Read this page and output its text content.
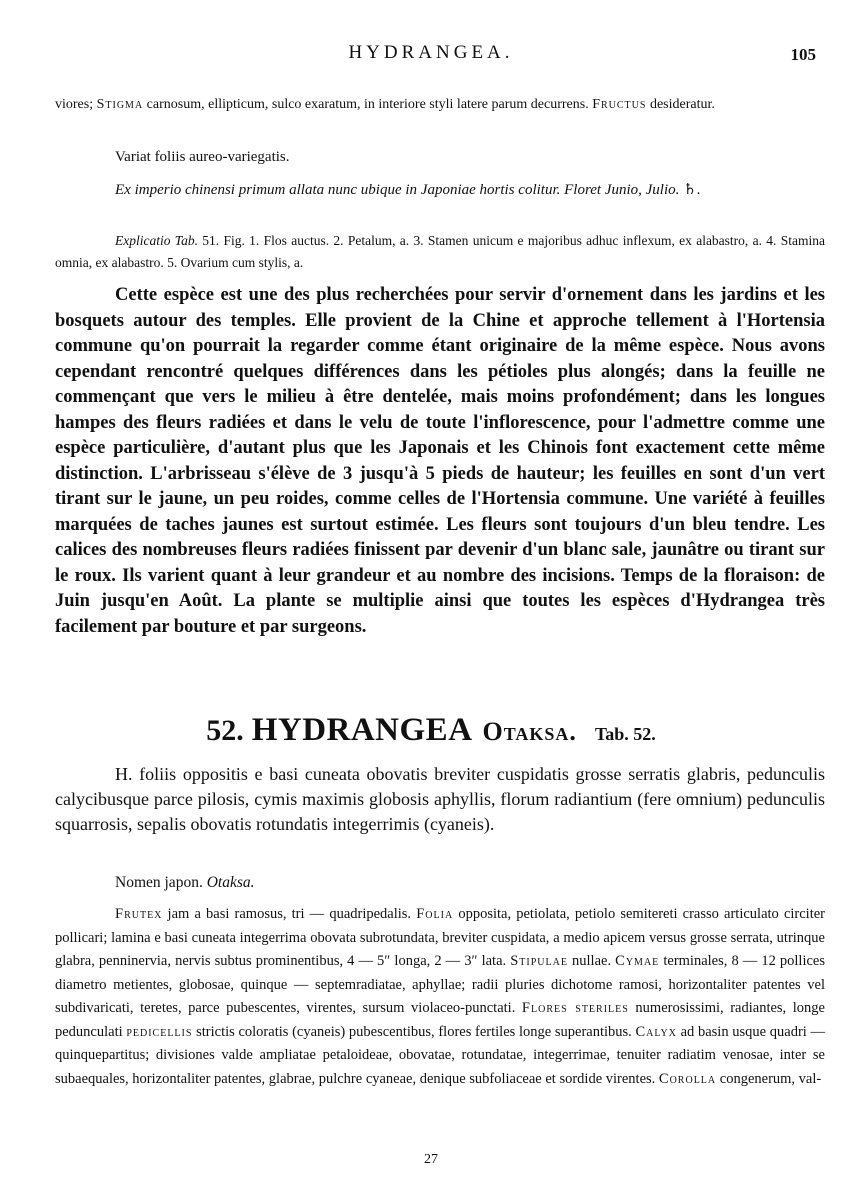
HYDRANGEA.	105

viores; Stigma carnosum, ellipticum, sulco exaratum, in interiore styli latere parum decurrens. Fructus desideratur.

Variat foliis aureo-variegatis.

Ex imperio chinensi primum allata nunc ubique in Japoniae hortis colitur. Floret Junio, Julio. ♄.

Explicatio Tab. 51. Fig. 1. Flos auctus. 2. Petalum, a. 3. Stamen unicum e majoribus adhuc inflexum, ex alabastro, a. 4. Stamina omnia, ex alabastro. 5. Ovarium cum stylis, a.

Cette espèce est une des plus recherchées pour servir d'ornement dans les jardins et les bosquets autour des temples. Elle provient de la Chine et approche tellement à l'Hortensia commune qu'on pourrait la regarder comme étant originaire de la même espèce. Nous avons cependant rencontré quelques différences dans les pétioles plus alongés; dans la feuille ne commençant que vers le milieu à être dentelée, mais moins profondément; dans les longues hampes des fleurs radiées et dans le velu de toute l'inflorescence, pour l'admettre comme une espèce particulière, d'autant plus que les Japonais et les Chinois font exactement cette même distinction. L'arbrisseau s'élève de 3 jusqu'à 5 pieds de hauteur; les feuilles en sont d'un vert tirant sur le jaune, un peu roides, comme celles de l'Hortensia commune. Une variété à feuilles marquées de taches jaunes est surtout estimée. Les fleurs sont toujours d'un bleu tendre. Les calices des nombreuses fleurs radiées finissent par devenir d'un blanc sale, jaunâtre ou tirant sur le roux. Ils varient quant à leur grandeur et au nombre des incisions. Temps de la floraison: de Juin jusqu'en Août. La plante se multiplie ainsi que toutes les espèces d'Hydrangea très facilement par bouture et par surgeons.

52. HYDRANGEA Otaksa. Tab. 52.

H. foliis oppositis e basi cuneata obovatis breviter cuspidatis grosse serratis glabris, pedunculis calycibusque parce pilosis, cymis maximis globosis aphyllis, florum radiantium (fere omnium) pedunculis squarrosis, sepalis obovatis rotundatis integerrimis (cyaneis).

Nomen japon. Otaksa.

Frutex jam a basi ramosus, tri — quadripedalis. Folia opposita, petiolata, petiolo semitereti crasso articulato circiter pollicari; lamina e basi cuneata integerrima obovata subrotundata, breviter cuspidata, a medio apicem versus grosse serrata, utrinque glabra, penninervia, nervis subtus prominentibus, 4 — 5″ longa, 2 — 3″ lata. Stipulae nullae. Cymae terminales, 8 — 12 pollices diametro metientes, globosae, quinque — septemradiatae, aphyllae; radii pluries dichotome ramosi, horizontaliter patentes vel subdivaricati, teretes, parce pubescentes, virentes, sursum violaceo-punctati. Flores steriles numerosissimi, radiantes, longe pedunculati pedicellis strictis coloratis (cyaneis) pubescentibus, flores fertiles longe superantibus. Calyx ad basin usque quadri — quinquepartitus; divisiones valde ampliatae petaloideae, obovatae, rotundatae, integerrimae, tenuiter radiatim venosae, inter se subaequales, horizontaliter patentes, glabrae, pulchre cyaneae, denique subfoliaceae et sordide virentes. Corolla congenerum, val-

27
